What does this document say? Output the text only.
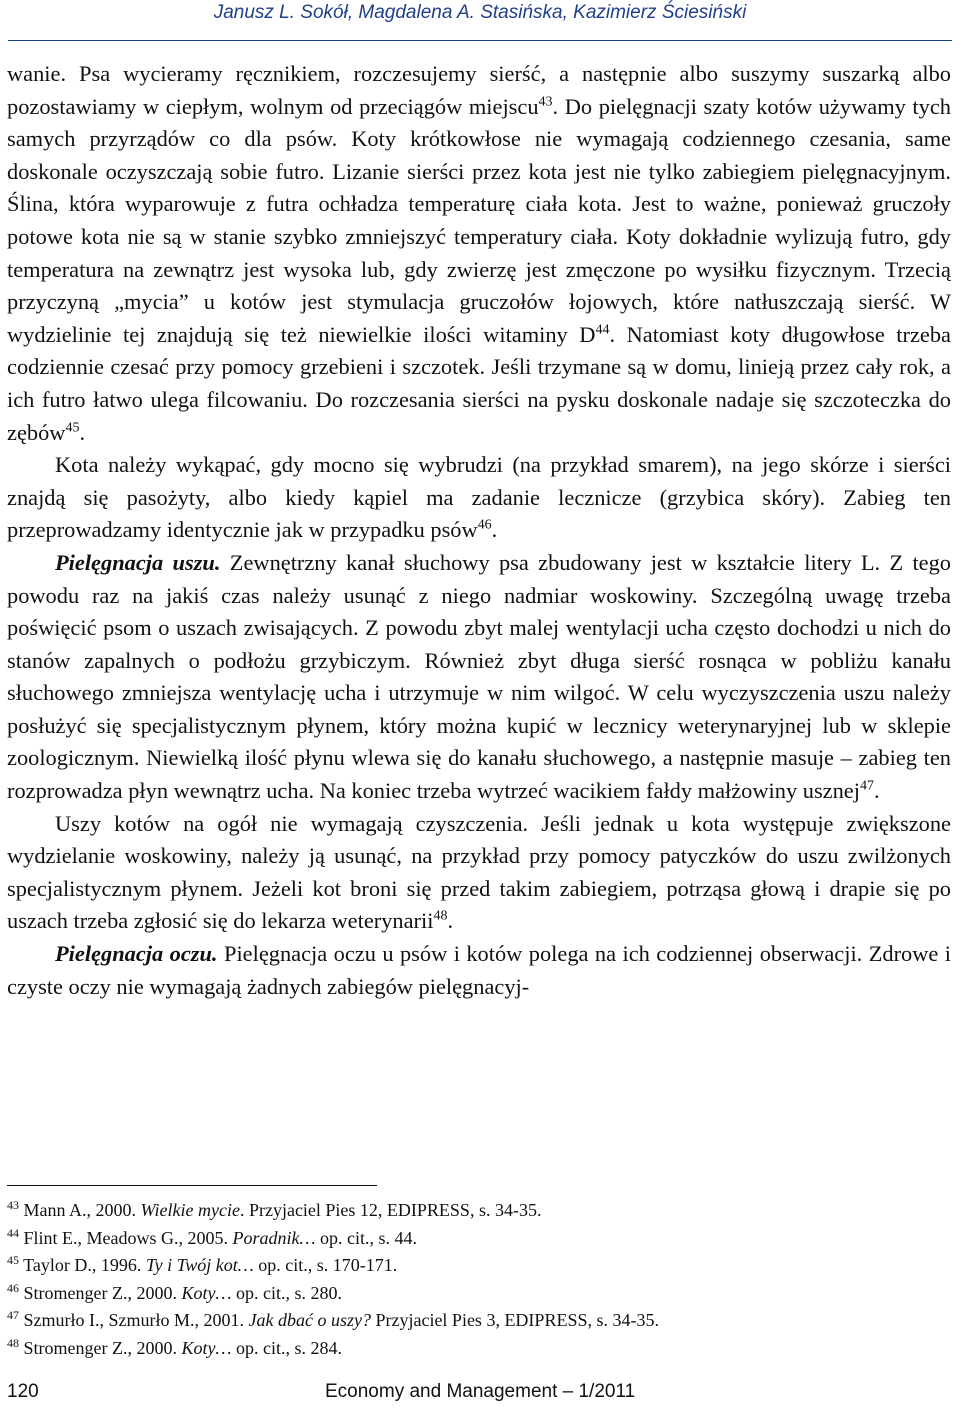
Janusz L. Sokół, Magdalena A. Stasińska, Kazimierz Ściesiński

wanie. Psa wycieramy ręcznikiem, rozczesujemy sierść, a następnie albo suszymy suszarką albo pozostawiamy w ciepłym, wolnym od przeciągów miejscu$^{43}$. Do pielęgnacji szaty kotów używamy tych samych przyrządów co dla psów. Koty krótkowłose nie wymagają codziennego czesania, same doskonale oczyszczają sobie futro. Lizanie sierści przez kota jest nie tylko zabiegiem pielęgnacyjnym. Ślina, która wyparowuje z futra ochładza temperaturę ciała kota. Jest to ważne, ponieważ gruczoły potowe kota nie są w stanie szybko zmniejszyć temperatury ciała. Koty dokładnie wylizują futro, gdy temperatura na zewnątrz jest wysoka lub, gdy zwierzę jest zmęczone po wysiłku fizycznym. Trzecią przyczyną „mycia” u kotów jest stymulacja gruczołów łojowych, które natłuszczają sierść. W wydzielinie tej znajdują się też niewielkie ilości witaminy $D^{44}$. Natomiast koty długowłose trzeba codziennie czesać przy pomocy grzebieni i szczotek. Jeśli trzymane są w domu, linieją przez cały rok, a ich futro łatwo ulega filcowaniu. Do rozczesania sierści na pysku doskonale nadaje się szczoteczka do zębów$^{45}$.

Kota należy wykąpać, gdy mocno się wybrudzi (na przykład smarem), na jego skórze i sierści znajdą się pasożyty, albo kiedy kąpiel ma zadanie lecznicze (grzybica skóry). Zabieg ten przeprowadzamy identycznie jak w przypadku psów$^{46}$.

Pielęgnacja uszu. Zewnętrzny kanał słuchowy psa zbudowany jest w kształcie litery L. Z tego powodu raz na jakiś czas należy usunąć z niego nadmiar woskowiny. Szczególną uwagę trzeba poświęcić psom o uszach zwisających. Z powodu zbyt malej wentylacji ucha często dochodzi u nich do stanów zapalnych o podłożu grzybiczym. Również zbyt długa sierść rosnąca w pobliżu kanału słuchowego zmniejsza wentylację ucha i utrzymuje w nim wilgoć. W celu wyczyszczenia uszu należy posłużyć się specjalistycznym płynem, który można kupić w lecznicy weterynaryjnej lub w sklepie zoologicznym. Niewielką ilość płynu wlewa się do kanału słuchowego, a następnie masuje – zabieg ten rozprowadza płyn wewnątrz ucha. Na koniec trzeba wytrzeć wacikiem fałdy małżowiny usznej$^{47}$.

Uszy kotów na ogół nie wymagają czyszczenia. Jeśli jednak u kota występuje zwiększone wydzielanie woskowiny, należy ją usunąć, na przykład przy pomocy patyczków do uszu zwilżonych specjalistycznym płynem. Jeżeli kot broni się przed takim zabiegiem, potrząsa głową i drapie się po uszach trzeba zgłosić się do lekarza weterynarii$^{48}$.

Pielęgnacja oczu. Pielęgnacja oczu u psów i kotów polega na ich codziennej obserwacji. Zdrowe i czyste oczy nie wymagają żadnych zabiegów pielęgnacyj-

$^{43}$ Mann A., 2000. Wielkie mycie. Przyjaciel Pies 12, EDIPRESS, s. 34-35.

$^{44}$ Flint E., Meadows G., 2005. Poradnik… op. cit., s. 44.

$^{45}$ Taylor D., 1996. Ty i Twój kot… op. cit., s. 170-171.

$^{46}$ Stromenger Z., 2000. Koty… op. cit., s. 280.

$^{47}$ Szmurło I., Szmurło M., 2001. Jak dbać o uszy? Przyjaciel Pies 3, EDIPRESS, s. 34-35.

$^{48}$ Stromenger Z., 2000. Koty… op. cit., s. 284.

120	Economy and Management – 1/2011
